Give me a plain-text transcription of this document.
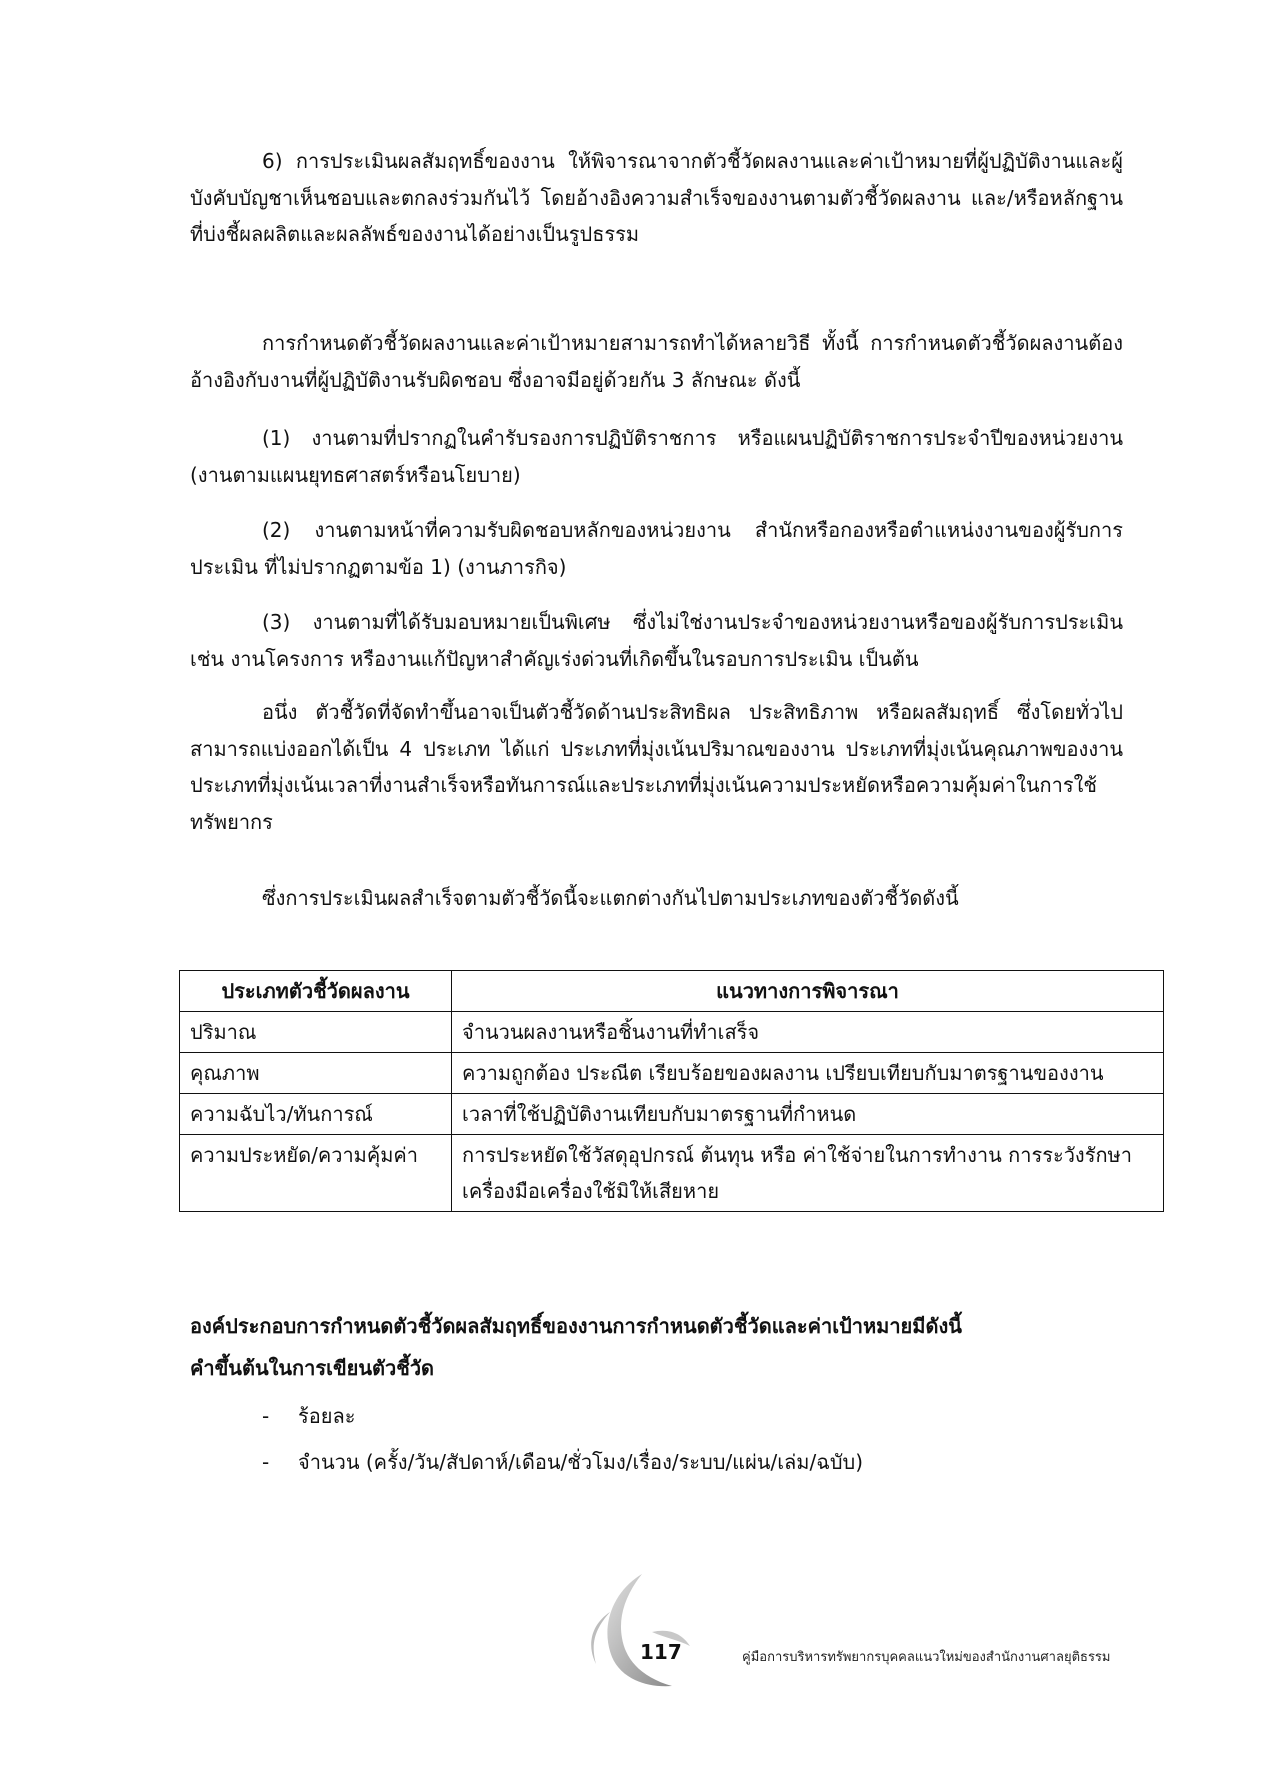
6) การประเมินผลสัมฤทธิ์ของงาน ให้พิจารณาจากตัวชี้วัดผลงานและค่าเป้าหมายที่ผู้ปฏิบัติงานและผู้บังคับบัญชาเห็นชอบและตกลงร่วมกันไว้ โดยอ้างอิงความสำเร็จของงานตามตัวชี้วัดผลงาน และ/หรือหลักฐานที่บ่งชี้ผลผลิตและผลลัพธ์ของงานได้อย่างเป็นรูปธรรม

การกำหนดตัวชี้วัดผลงานและค่าเป้าหมายสามารถทำได้หลายวิธี ทั้งนี้ การกำหนดตัวชี้วัดผลงานต้องอ้างอิงกับงานที่ผู้ปฏิบัติงานรับผิดชอบ ซึ่งอาจมีอยู่ด้วยกัน 3 ลักษณะ ดังนี้

(1) งานตามที่ปรากฏในคำรับรองการปฏิบัติราชการ หรือแผนปฏิบัติราชการประจำปีของหน่วยงาน (งานตามแผนยุทธศาสตร์หรือนโยบาย)

(2) งานตามหน้าที่ความรับผิดชอบหลักของหน่วยงาน สำนักหรือกองหรือตำแหน่งงานของผู้รับการประเมิน ที่ไม่ปรากฏตามข้อ 1) (งานภารกิจ)

(3) งานตามที่ได้รับมอบหมายเป็นพิเศษ ซึ่งไม่ใช่งานประจำของหน่วยงานหรือของผู้รับการประเมิน เช่น งานโครงการ หรืองานแก้ปัญหาสำคัญเร่งด่วนที่เกิดขึ้นในรอบการประเมิน เป็นต้น

อนึ่ง ตัวชี้วัดที่จัดทำขึ้นอาจเป็นตัวชี้วัดด้านประสิทธิผล ประสิทธิภาพ หรือผลสัมฤทธิ์ ซึ่งโดยทั่วไปสามารถแบ่งออกได้เป็น 4 ประเภท ได้แก่ ประเภทที่มุ่งเน้นปริมาณของงาน ประเภทที่มุ่งเน้นคุณภาพของงาน ประเภทที่มุ่งเน้นเวลาที่งานสำเร็จหรือทันการณ์และประเภทที่มุ่งเน้นความประหยัดหรือความคุ้มค่าในการใช้ทรัพยากร

ซึ่งการประเมินผลสำเร็จตามตัวชี้วัดนี้จะแตกต่างกันไปตามประเภทของตัวชี้วัดดังนี้

ประเภทตัวชี้วัดผลงาน	แนวทางการพิจารณา
ปริมาณ	จำนวนผลงานหรือชิ้นงานที่ทำเสร็จ
คุณภาพ	ความถูกต้อง ประณีต เรียบร้อยของผลงาน เปรียบเทียบกับมาตรฐานของงาน
ความฉับไว/ทันการณ์	เวลาที่ใช้ปฏิบัติงานเทียบกับมาตรฐานที่กำหนด
ความประหยัด/ความคุ้มค่า	การประหยัดใช้วัสดุอุปกรณ์ ต้นทุน หรือ ค่าใช้จ่ายในการทำงาน การระวังรักษาเครื่องมือเครื่องใช้มิให้เสียหาย

องค์ประกอบการกำหนดตัวชี้วัดผลสัมฤทธิ์ของงานการกำหนดตัวชี้วัดและค่าเป้าหมายมีดังนี้

คำขึ้นต้นในการเขียนตัวชี้วัด

- ร้อยละ
- จำนวน (ครั้ง/วัน/สัปดาห์/เดือน/ชั่วโมง/เรื่อง/ระบบ/แผ่น/เล่ม/ฉบับ)
117	คู่มือการบริหารทรัพยากรบุคคลแนวใหม่ของสำนักงานศาลยุติธรรม
